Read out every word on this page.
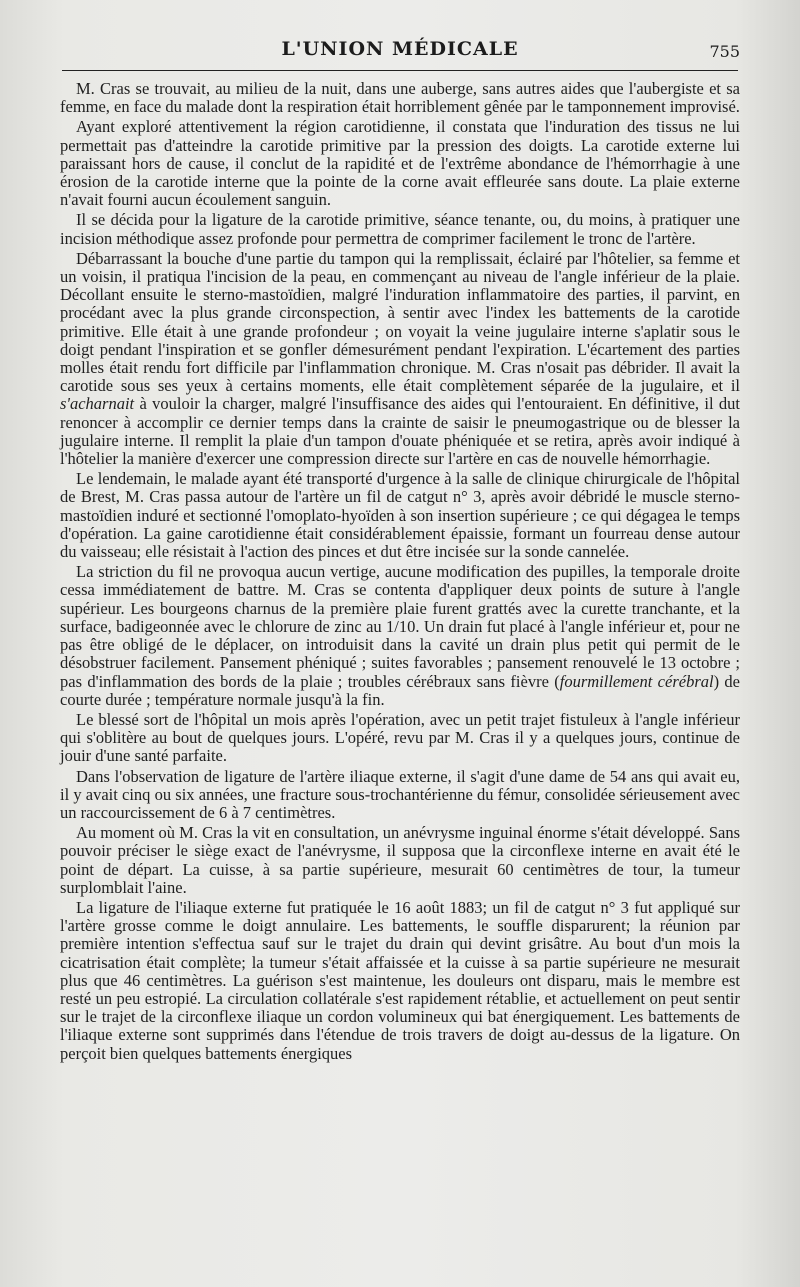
L'UNION MÉDICALE	755

M. Cras se trouvait, au milieu de la nuit, dans une auberge, sans autres aides que l'aubergiste et sa femme, en face du malade dont la respiration était horriblement gênée par le tamponnement improvisé.

Ayant exploré attentivement la région carotidienne, il constata que l'induration des tissus ne lui permettait pas d'atteindre la carotide primitive par la pression des doigts. La carotide externe lui paraissant hors de cause, il conclut de la rapidité et de l'extrême abondance de l'hémorrhagie à une érosion de la carotide interne que la pointe de la corne avait effleurée sans doute. La plaie externe n'avait fourni aucun écoulement sanguin.

Il se décida pour la ligature de la carotide primitive, séance tenante, ou, du moins, à pratiquer une incision méthodique assez profonde pour permettra de comprimer facilement le tronc de l'artère.

Débarrassant la bouche d'une partie du tampon qui la remplissait, éclairé par l'hôtelier, sa femme et un voisin, il pratiqua l'incision de la peau, en commençant au niveau de l'angle inférieur de la plaie. Décollant ensuite le sterno-mastoïdien, malgré l'induration inflammatoire des parties, il parvint, en procédant avec la plus grande circonspection, à sentir avec l'index les battements de la carotide primitive. Elle était à une grande profondeur ; on voyait la veine jugulaire interne s'aplatir sous le doigt pendant l'inspiration et se gonfler démesurément pendant l'expiration. L'écartement des parties molles était rendu fort difficile par l'inflammation chronique. M. Cras n'osait pas débrider. Il avait la carotide sous ses yeux à certains moments, elle était complètement séparée de la jugulaire, et il s'acharnait à vouloir la charger, malgré l'insuffisance des aides qui l'entouraient. En définitive, il dut renoncer à accomplir ce dernier temps dans la crainte de saisir le pneumogastrique ou de blesser la jugulaire interne. Il remplit la plaie d'un tampon d'ouate phéniquée et se retira, après avoir indiqué à l'hôtelier la manière d'exercer une compression directe sur l'artère en cas de nouvelle hémorrhagie.

Le lendemain, le malade ayant été transporté d'urgence à la salle de clinique chirurgicale de l'hôpital de Brest, M. Cras passa autour de l'artère un fil de catgut n° 3, après avoir débridé le muscle sterno-mastoïdien induré et sectionné l'omoplato-hyoïden à son insertion supérieure ; ce qui dégagea le temps d'opération. La gaine carotidienne était considérablement épaissie, formant un fourreau dense autour du vaisseau; elle résistait à l'action des pinces et dut être incisée sur la sonde cannelée.

La striction du fil ne provoqua aucun vertige, aucune modification des pupilles, la temporale droite cessa immédiatement de battre. M. Cras se contenta d'appliquer deux points de suture à l'angle supérieur. Les bourgeons charnus de la première plaie furent grattés avec la curette tranchante, et la surface, badigeonnée avec le chlorure de zinc au 1/10. Un drain fut placé à l'angle inférieur et, pour ne pas être obligé de le déplacer, on introduisit dans la cavité un drain plus petit qui permit de le désobstruer facilement. Pansement phéniqué ; suites favorables ; pansement renouvelé le 13 octobre ; pas d'inflammation des bords de la plaie ; troubles cérébraux sans fièvre (fourmillement cérébral) de courte durée ; température normale jusqu'à la fin.

Le blessé sort de l'hôpital un mois après l'opération, avec un petit trajet fistuleux à l'angle inférieur qui s'oblitère au bout de quelques jours. L'opéré, revu par M. Cras il y a quelques jours, continue de jouir d'une santé parfaite.

Dans l'observation de ligature de l'artère iliaque externe, il s'agit d'une dame de 54 ans qui avait eu, il y avait cinq ou six années, une fracture sous-trochantérienne du fémur, consolidée sérieusement avec un raccourcissement de 6 à 7 centimètres.

Au moment où M. Cras la vit en consultation, un anévrysme inguinal énorme s'était développé. Sans pouvoir préciser le siège exact de l'anévrysme, il supposa que la circonflexe interne en avait été le point de départ. La cuisse, à sa partie supérieure, mesurait 60 centimètres de tour, la tumeur surplomblait l'aine.

La ligature de l'iliaque externe fut pratiquée le 16 août 1883; un fil de catgut n° 3 fut appliqué sur l'artère grosse comme le doigt annulaire. Les battements, le souffle disparurent; la réunion par première intention s'effectua sauf sur le trajet du drain qui devint grisâtre. Au bout d'un mois la cicatrisation était complète; la tumeur s'était affaissée et la cuisse à sa partie supérieure ne mesurait plus que 46 centimètres. La guérison s'est maintenue, les douleurs ont disparu, mais le membre est resté un peu estropié. La circulation collatérale s'est rapidement rétablie, et actuellement on peut sentir sur le trajet de la circonflexe iliaque un cordon volumineux qui bat énergiquement. Les battements de l'iliaque externe sont supprimés dans l'étendue de trois travers de doigt au-dessus de la ligature. On perçoit bien quelques battements énergiques
